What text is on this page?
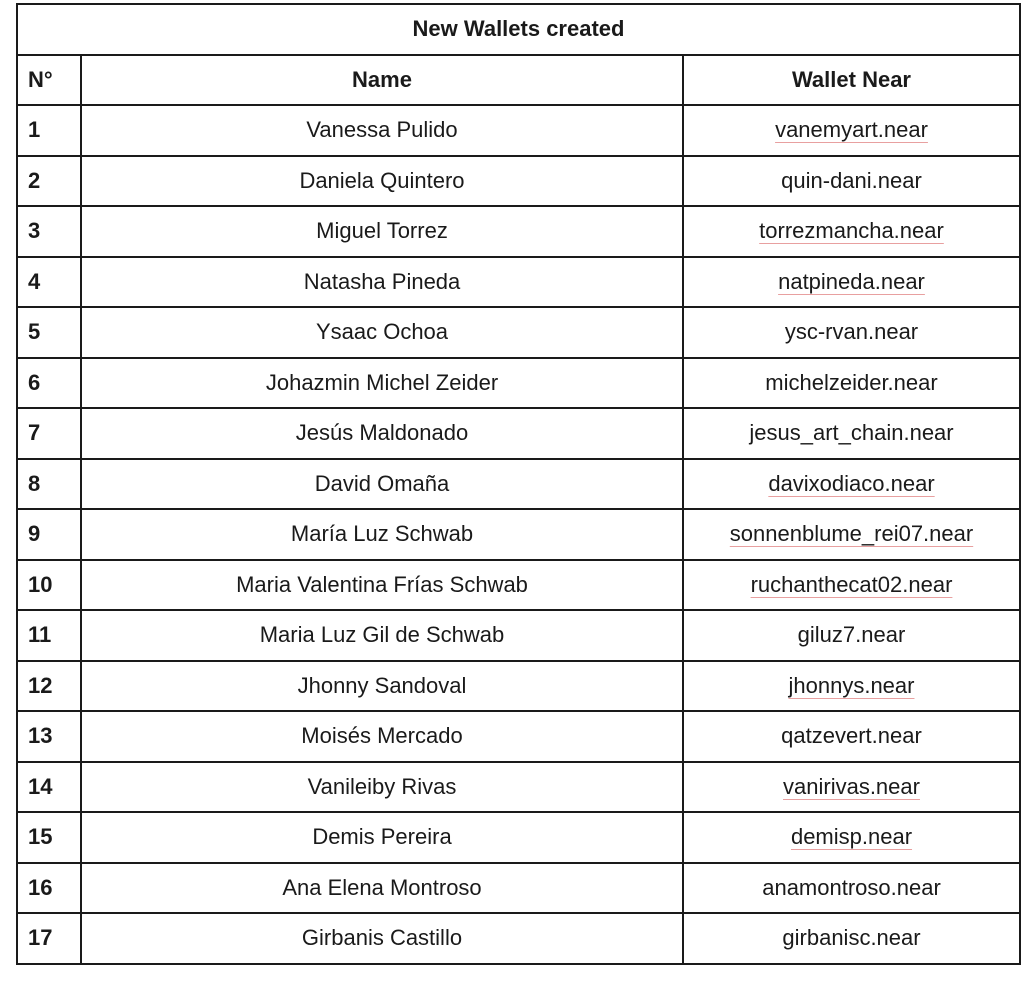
New Wallets created		
N°	Name	Wallet Near
1	Vanessa Pulido	vanemyart.near
2	Daniela Quintero	quin-dani.near
3	Miguel Torrez	torrezmancha.near
4	Natasha Pineda	natpineda.near
5	Ysaac Ochoa	ysc-rvan.near
6	Johazmin Michel Zeider	michelzeider.near
7	Jesús Maldonado	jesus_art_chain.near
8	David Omaña	davixodiaco.near
9	María Luz Schwab	sonnenblume_rei07.near
10	Maria Valentina Frías Schwab	ruchanthecat02.near
11	Maria Luz Gil de Schwab	giluz7.near
12	Jhonny Sandoval	jhonnys.near
13	Moisés Mercado	qatzevert.near
14	Vanileiby Rivas	vanirivas.near
15	Demis Pereira	demisp.near
16	Ana Elena Montroso	anamontroso.near
17	Girbanis Castillo	girbanisc.near
